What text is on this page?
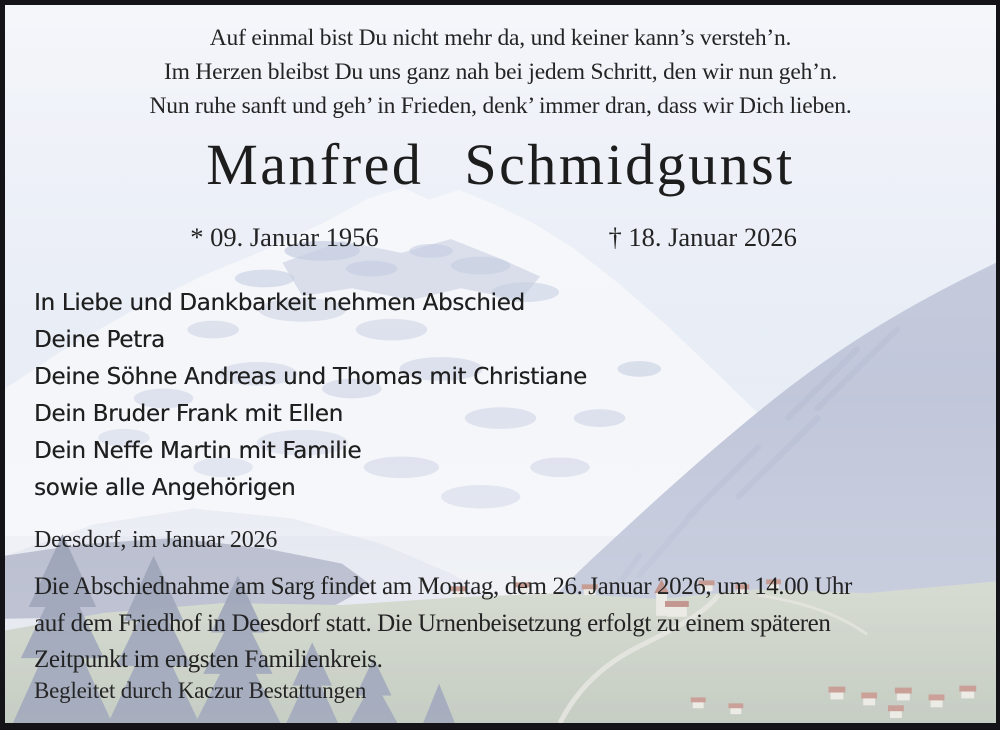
Auf einmal bist Du nicht mehr da, und keiner kann’s versteh’n.
Im Herzen bleibst Du uns ganz nah bei jedem Schritt, den wir nun geh’n.
Nun ruhe sanft und geh’ in Frieden, denk’ immer dran, dass wir Dich lieben.
Manfred Schmidgunst
* 09. Januar 1956	† 18. Januar 2026
In Liebe und Dankbarkeit nehmen Abschied
Deine Petra
Deine Söhne Andreas und Thomas mit Christiane
Dein Bruder Frank mit Ellen
Dein Neffe Martin mit Familie
sowie alle Angehörigen
Deesdorf, im Januar 2026
Die Abschiednahme am Sarg findet am Montag, dem 26. Januar 2026, um 14.00 Uhr
auf dem Friedhof in Deesdorf statt. Die Urnenbeisetzung erfolgt zu einem späteren
Zeitpunkt im engsten Familienkreis.
Begleitet durch Kaczur Bestattungen
